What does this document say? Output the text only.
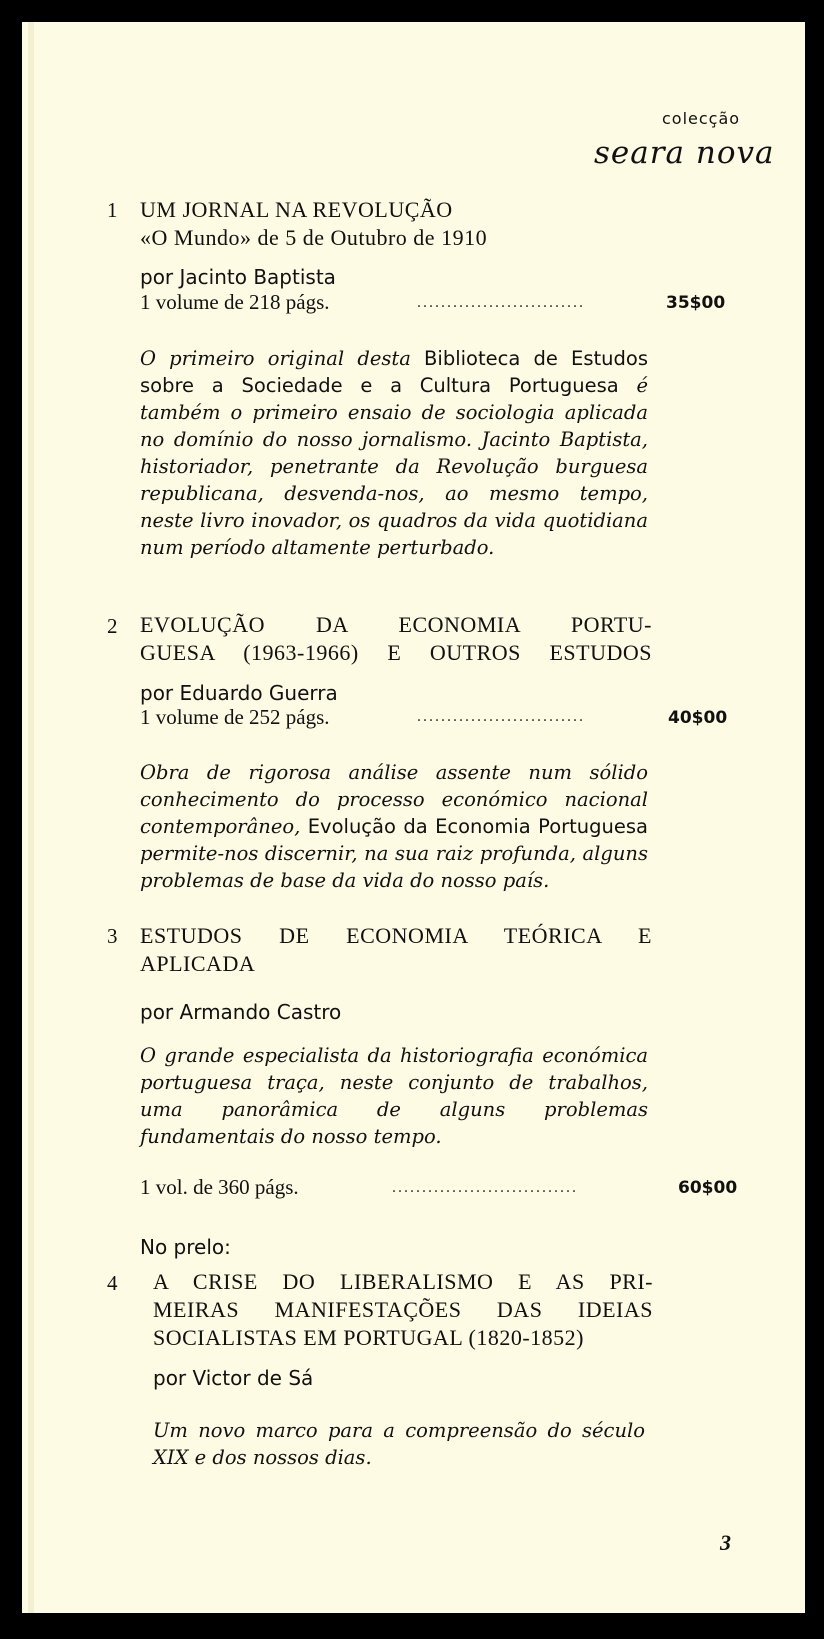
colecção
seara nova
1 UM JORNAL NA REVOLUÇÃO
«O Mundo» de 5 de Outubro de 1910
por Jacinto Baptista
1 volume de 218 págs.	............................	35$00
O primeiro original desta Biblioteca de Estudos sobre a Sociedade e a Cultura Portuguesa é também o primeiro ensaio de sociologia aplicada no domínio do nosso jornalismo. Jacinto Baptista, historiador, penetrante da Revolução burguesa republicana, desvenda-nos, ao mesmo tempo, neste livro inovador, os quadros da vida quotidiana num período altamente perturbado.
2 EVOLUÇÃO DA ECONOMIA PORTU-
GUESA (1963-1966) E OUTROS ESTUDOS
por Eduardo Guerra
1 volume de 252 págs.	............................	40$00
Obra de rigorosa análise assente num sólido conhecimento do processo económico nacional contemporâneo, Evolução da Economia Portuguesa permite-nos discernir, na sua raiz profunda, alguns problemas de base da vida do nosso país.
3 ESTUDOS DE ECONOMIA TEÓRICA E
APLICADA
por Armando Castro
O grande especialista da historiografia económica portuguesa traça, neste conjunto de trabalhos, uma panorâmica de alguns problemas fundamentais do nosso tempo.
1 vol. de 360 págs.	...............................	60$00
No prelo:
4 A CRISE DO LIBERALISMO E AS PRI-
MEIRAS MANIFESTAÇÕES DAS IDEIAS
SOCIALISTAS EM PORTUGAL (1820-1852)
por Victor de Sá
Um novo marco para a compreensão do século XIX e dos nossos dias.
3
